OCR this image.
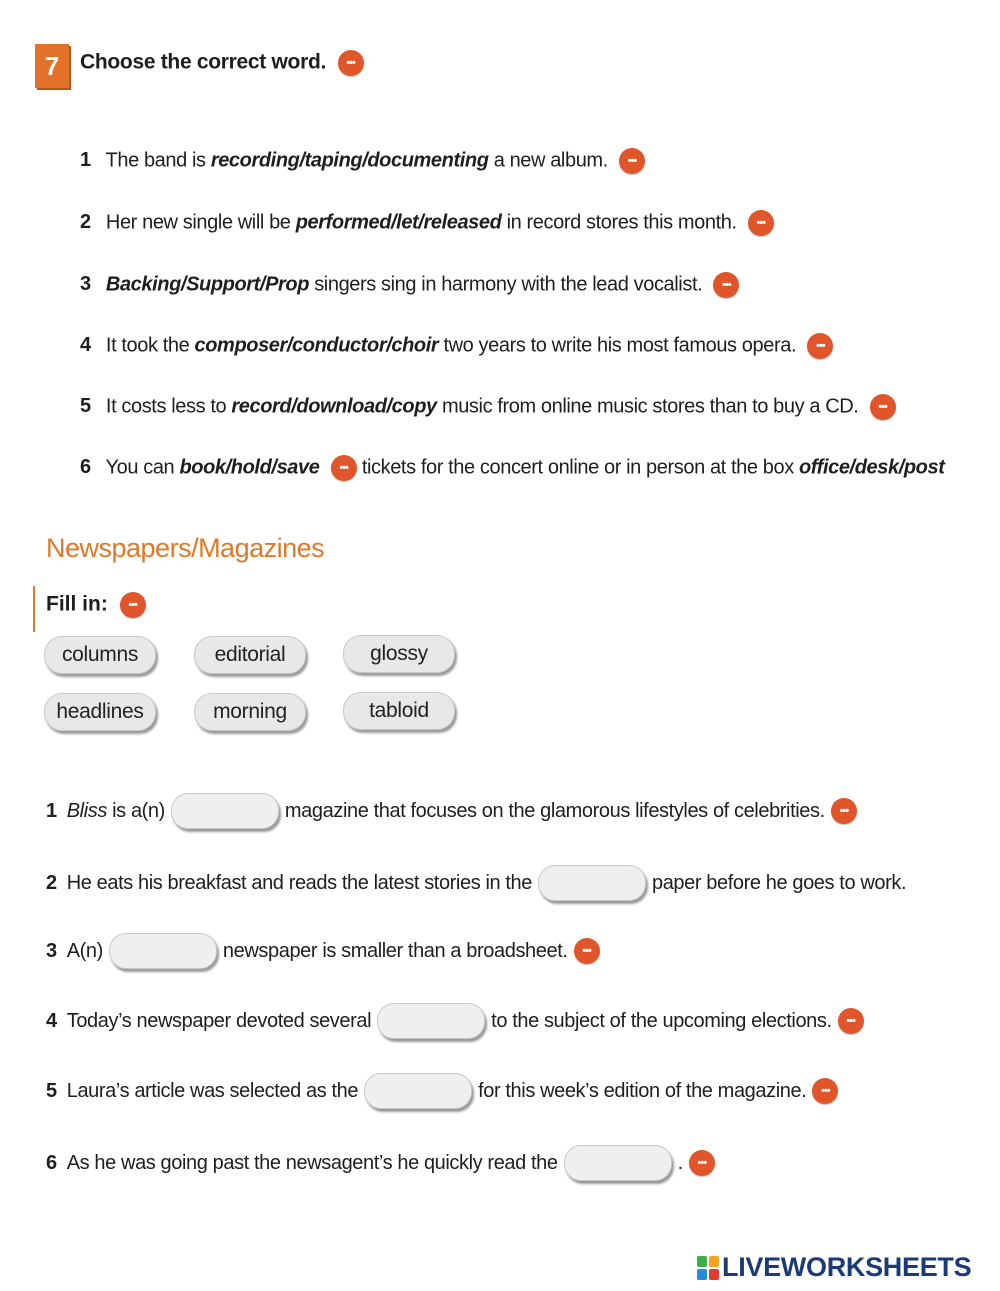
7 Choose the correct word. •••
1 The band is recording/taping/documenting a new album. •••
2 Her new single will be performed/let/released in record stores this month. •••
3 Backing/Support/Prop singers sing in harmony with the lead vocalist. •••
4 It took the composer/conductor/choir two years to write his most famous opera. •••
5 It costs less to record/download/copy music from online music stores than to buy a CD. •••
6 You can book/hold/save ••• tickets for the concert online or in person at the box office/desk/post
Newspapers/Magazines
Fill in: •••
columns	editorial	glossy
headlines	morning	tabloid
1 Bliss
is a(n)	magazine that focuses on the glamorous lifestyles of celebrities.
•••
2 He eats his breakfast and reads the latest stories in the	paper before he goes to work.
3 A(n)	newspaper is smaller than a broadsheet.
•••
4 Today’s newspaper devoted several	to the subject of the upcoming elections.
•••
5 Laura’s article was selected as the	for this week’s edition of the magazine.
•••
6 As he was going past the newsagent’s he quickly read the	.
•••
LIVEWORKSHEETS
